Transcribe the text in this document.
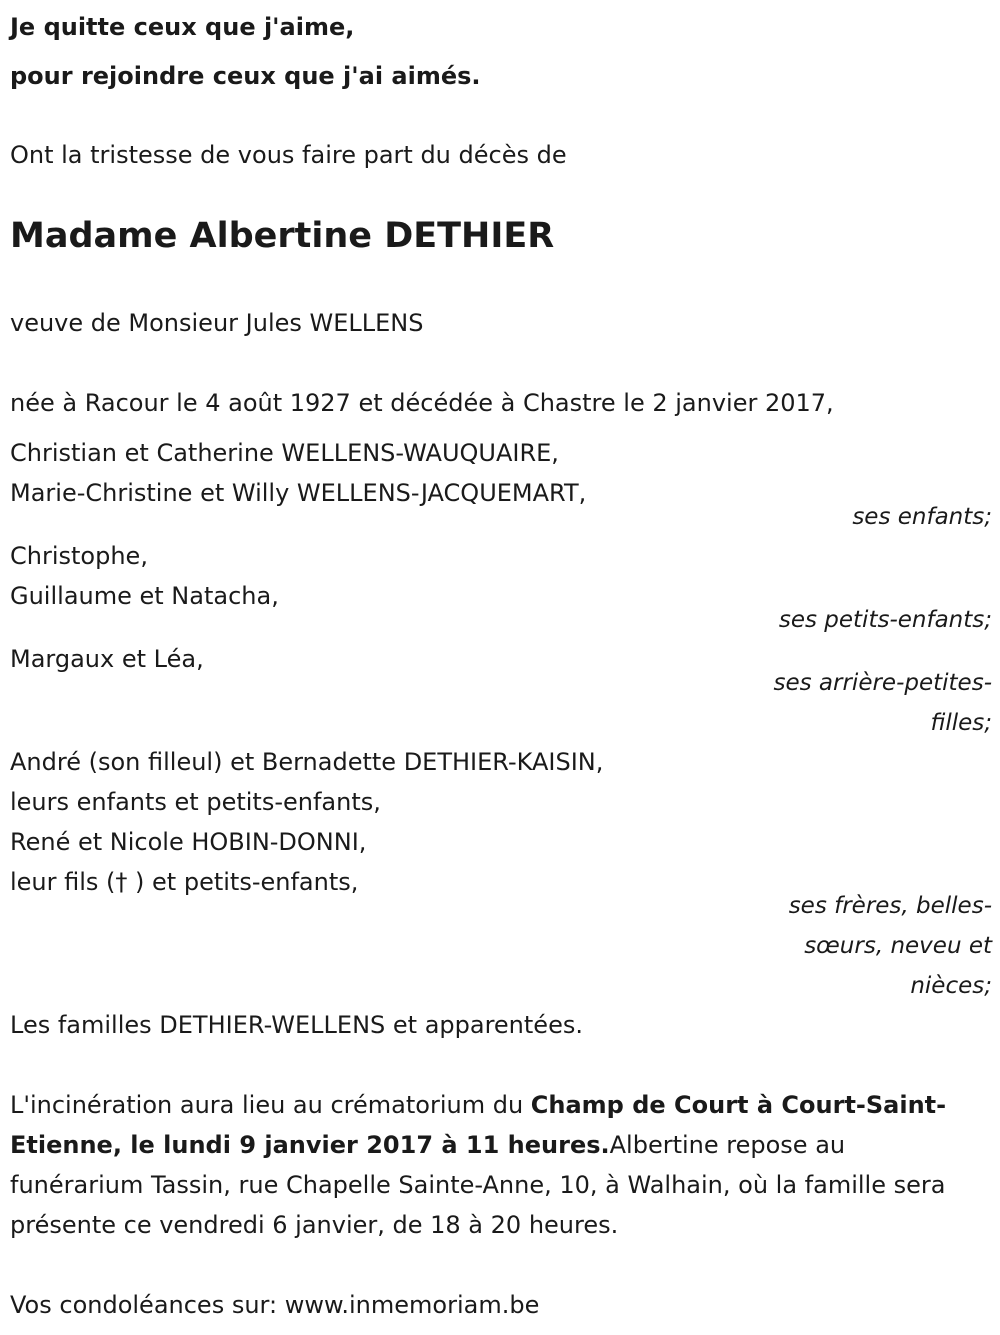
Je quitte ceux que j'aime,
pour rejoindre ceux que j'ai aimés.
Ont la tristesse de vous faire part du décès de
Madame Albertine DETHIER
veuve de Monsieur Jules WELLENS
née à Racour le 4 août 1927 et décédée à Chastre le 2 janvier 2017,
Christian et Catherine WELLENS-WAUQUAIRE,
Marie-Christine et Willy WELLENS-JACQUEMART,
ses enfants;
Christophe,
Guillaume et Natacha,
ses petits-enfants;
Margaux et Léa,
ses arrière-petites-
filles;
André (son filleul) et Bernadette DETHIER-KAISIN,
leurs enfants et petits-enfants,
René et Nicole HOBIN-DONNI,
leur fils († ) et petits-enfants,
ses frères, belles-
sœurs, neveu et
nièces;
Les familles DETHIER-WELLENS et apparentées.
L'incinération aura lieu au crématorium du Champ de Court à Court-Saint-Etienne, le lundi 9 janvier 2017 à 11 heures.Albertine repose au funérarium Tassin, rue Chapelle Sainte-Anne, 10, à Walhain, où la famille sera présente ce vendredi 6 janvier, de 18 à 20 heures.
Vos condoléances sur: www.inmemoriam.be
